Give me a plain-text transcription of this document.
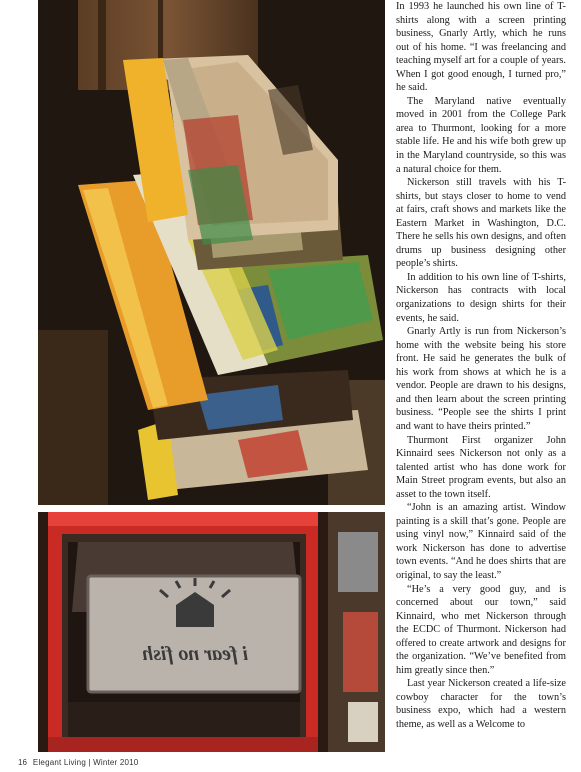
i fear no fish

In 1993 he launched his own line of T-shirts along with a screen printing business, Gnarly Artly, which he runs out of his home. “I was freelancing and teaching myself art for a couple of years. When I got good enough, I turned pro,” he said.

The Maryland native eventually moved in 2001 from the College Park area to Thurmont, looking for a more stable life. He and his wife both grew up in the Maryland countryside, so this was a natural choice for them.

Nickerson still travels with his T-shirts, but stays closer to home to vend at fairs, craft shows and markets like the Eastern Market in Washington, D.C. There he sells his own designs, and often drums up business designing other people’s shirts.

In addition to his own line of T-shirts, Nickerson has contracts with local organizations to design shirts for their events, he said.

Gnarly Artly is run from Nickerson’s home with the website being his store front. He said he generates the bulk of his work from shows at which he is a vendor. People are drawn to his designs, and then learn about the screen printing business. “People see the shirts I print and want to have theirs printed.”

Thurmont First organizer John Kinnaird sees Nickerson not only as a talented artist who has done work for Main Street program events, but also an asset to the town itself.

“John is an amazing artist. Window painting is a skill that’s gone. People are using vinyl now,” Kinnaird said of the work Nickerson has done to advertise town events. “And he does shirts that are original, to say the least.”

“He’s a very good guy, and is concerned about our town,” said Kinnaird, who met Nickerson through the ECDC of Thurmont. Nickerson had offered to create artwork and designs for the organization. “We’ve benefited from him greatly since then.”

Last year Nickerson created a life-size cowboy character for the town’s business expo, which had a western theme, as well as a Welcome to

16 Elegant Living | Winter 2010
